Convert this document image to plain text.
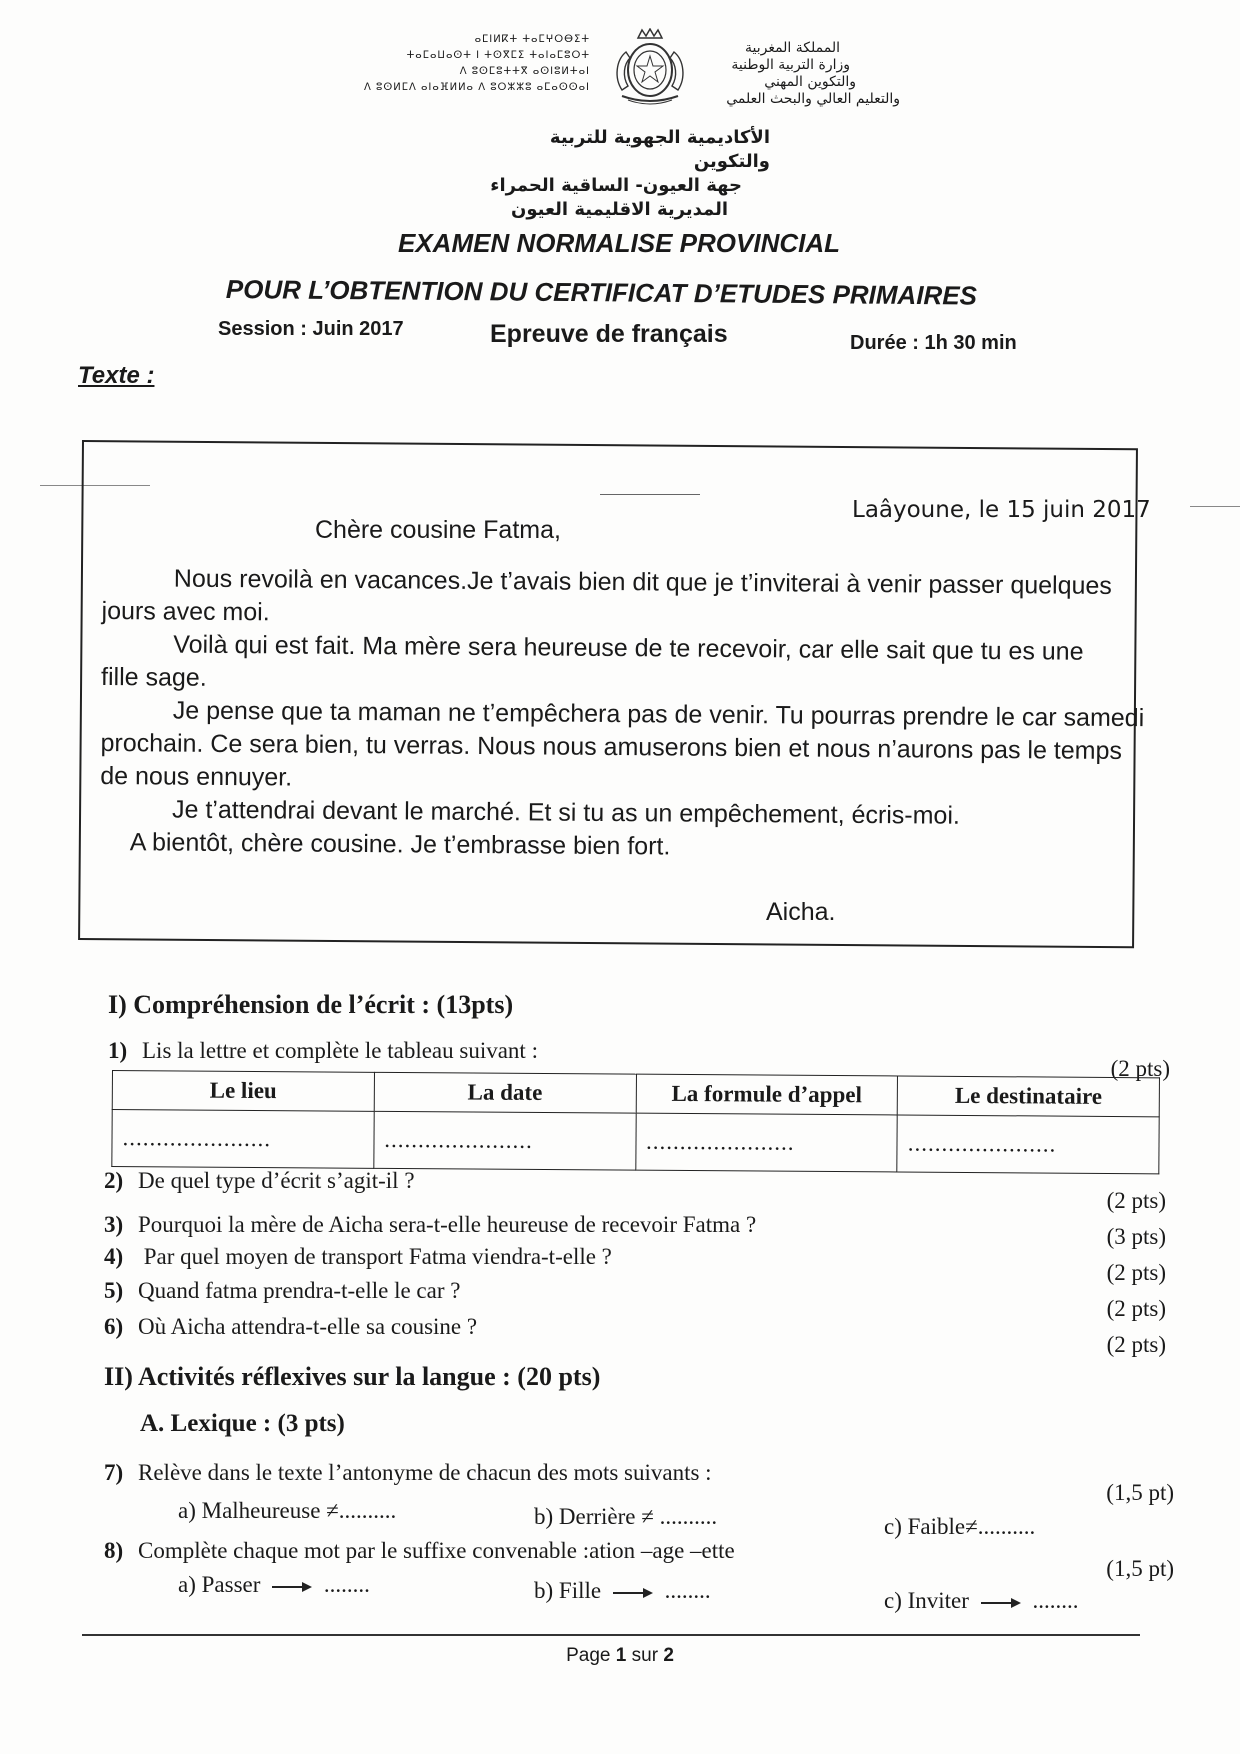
ⴰⵎⵏⵍⴽⵜ ⵜⴰⵎⵖⵔⴱⵉⵜ
ⵜⴰⵎⴰⵡⴰⵙⵜ ⵏ ⵜⵙⴳⵎⵉ ⵜⴰⵏⴰⵎⵓⵔⵜ
ⴷ ⵓⵙⵎⵓⵜⵜⴳ ⴰⵙⵏⵓⵍⵜⴰⵏ
ⴷ ⵓⵙⵍⵎⴷ ⴰⵏⴰⴼⵍⵍⴰ ⴷ ⵓⵔⵣⵣⵓ ⴰⵎⴰⵙⵙⴰⵏ
المملكة المغربية
وزارة التربية الوطنية
والتكوين المهني
والتعليم العالي والبحث العلمي
الأكاديمية الجهوية للتربية والتكوين
جهة العيون- الساقية الحمراء
المديرية الاقليمية العيون
EXAMEN NORMALISE PROVINCIAL
POUR L’OBTENTION DU CERTIFICAT D’ETUDES PRIMAIRES
Session : Juin 2017	Epreuve de français	Durée : 1h 30 min
Texte :
Laâyoune, le 15 juin 2017
Chère cousine Fatma,

Nous revoilà en vacances.Je t’avais bien dit que je t’inviterai à venir passer quelques jours avec moi.

Voilà qui est fait. Ma mère sera heureuse de te recevoir, car elle sait que tu es une fille sage.

Je pense que ta maman ne t’empêchera pas de venir. Tu pourras prendre le car samedi prochain. Ce sera bien, tu verras. Nous nous amuserons bien et nous n’aurons pas le temps de nous ennuyer.

Je t’attendrai devant le marché. Et si tu as un empêchement, écris-moi.

A bientôt, chère cousine. Je t’embrasse bien fort.

Aicha.
I) Compréhension de l’écrit : (13pts)
1) Lis la lettre et complète le tableau suivant :
(2 pts)
Le lieu	La date	La formule d’appel	Le destinataire
......................	......................	......................	......................
2) De quel type d’écrit s’agit-il ?
(2 pts)
3) Pourquoi la mère de Aicha sera-t-elle heureuse de recevoir Fatma ?	(3 pts)
4) Par quel moyen de transport Fatma viendra-t-elle ?
(2 pts)
5) Quand fatma prendra-t-elle le car ?
(2 pts)
6) Où Aicha attendra-t-elle sa cousine ?
(2 pts)
II) Activités réflexives sur la langue : (20 pts)
A. Lexique : (3 pts)
7) Relève dans le texte l’antonyme de chacun des mots suivants :
(1,5 pt)
a) Malheureuse ≠..........	b) Derrière ≠ ..........	c) Faible≠..........
8) Complète chaque mot par le suffixe convenable :ation –age –ette
(1,5 pt)
a) Passer	........	b) Fille	........	c) Inviter	........
Page 1 sur 2
